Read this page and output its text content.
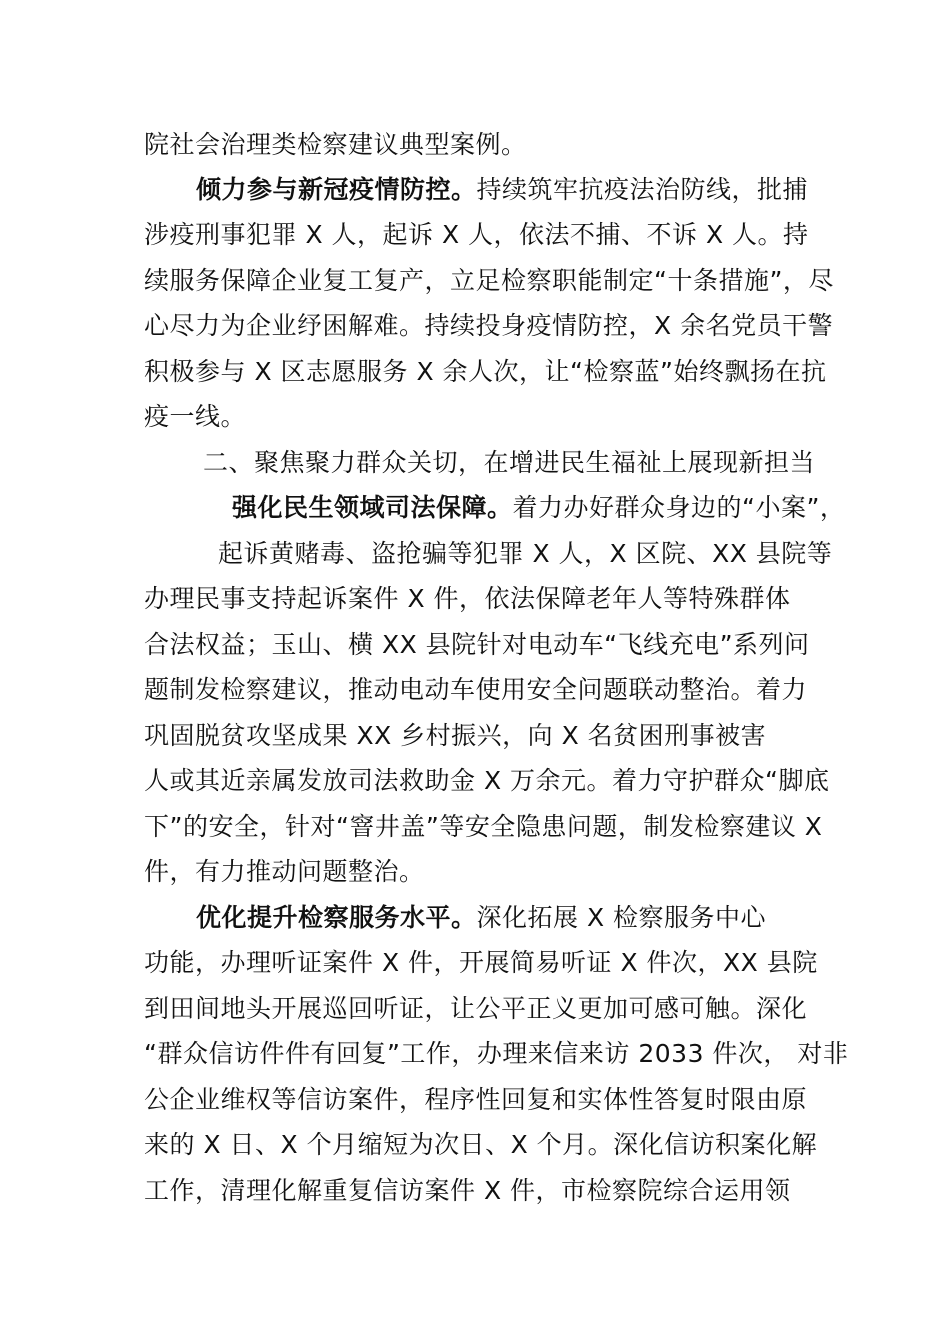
院社会治理类检察建议典型案例。
倾力参与新冠疫情防控。持续筑牢抗疫法治防线，批捕
涉疫刑事犯罪 X 人，起诉 X 人，依法不捕、不诉 X 人。持
续服务保障企业复工复产，立足检察职能制定“十条措施”，尽
心尽力为企业纾困解难。持续投身疫情防控，X 余名党员干警
积极参与 X 区志愿服务 X 余人次，让“检察蓝”始终飘扬在抗
疫一线。
二、聚焦聚力群众关切，在增进民生福祉上展现新担当
强化民生领域司法保障。着力办好群众身边的“小案”，
起诉黄赌毒、盗抢骗等犯罪 X 人，X 区院、XX 县院等
办理民事支持起诉案件 X 件，依法保障老年人等特殊群体
合法权益；玉山、横 XX 县院针对电动车“飞线充电”系列问
题制发检察建议，推动电动车使用安全问题联动整治。着力
巩固脱贫攻坚成果 XX 乡村振兴，向 X 名贫困刑事被害
人或其近亲属发放司法救助金 X 万余元。着力守护群众“脚底
下”的安全，针对“窨井盖”等安全隐患问题，制发检察建议 X
件，有力推动问题整治。
优化提升检察服务水平。深化拓展 X 检察服务中心
功能，办理听证案件 X 件，开展简易听证 X 件次，XX 县院
到田间地头开展巡回听证，让公平正义更加可感可触。深化
“群众信访件件有回复”工作，办理来信来访 2033 件次， 对非
公企业维权等信访案件，程序性回复和实体性答复时限由原
来的 X 日、X 个月缩短为次日、X 个月。深化信访积案化解
工作，清理化解重复信访案件 X 件，市检察院综合运用领
